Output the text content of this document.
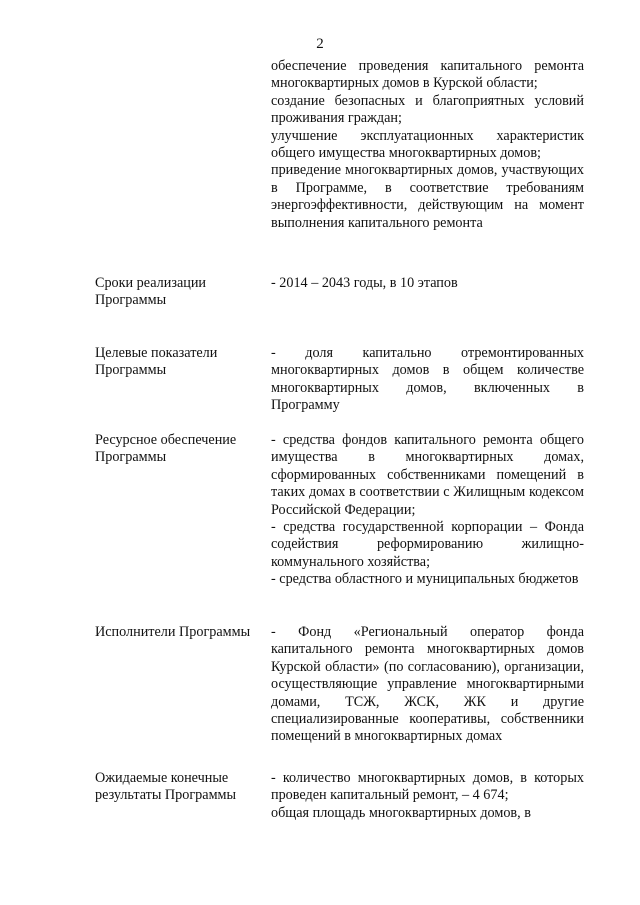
2
обеспечение проведения капитального ремонта многоквартирных домов в Курской области;
создание безопасных и благоприятных условий проживания граждан;
улучшение эксплуатационных характеристик общего имущества многоквартирных домов;
приведение многоквартирных домов, участвующих в Программе, в соответствие требованиям энергоэффективности, действующим на момент выполнения капитального ремонта
Сроки реализации Программы
- 2014 – 2043 годы, в 10 этапов
Целевые показатели Программы
- доля капитально отремонтированных многоквартирных домов в общем количестве многоквартирных домов, включенных в Программу
Ресурсное обеспечение Программы
- средства фондов капитального ремонта общего имущества в многоквартирных домах, сформированных собственниками помещений в таких домах в соответствии с Жилищным кодексом Российской Федерации;
- средства государственной корпорации – Фонда содействия реформированию жилищно-коммунального хозяйства;
- средства областного и муниципальных бюджетов
Исполнители Программы	- Фонд «Региональный оператор фонда капитального ремонта многоквартирных домов Курской области» (по согласованию), организации, осуществляющие управление многоквартирными домами, ТСЖ, ЖСК, ЖК и другие специализированные кооперативы, собственники помещений в многоквартирных домах
Ожидаемые конечные результаты Программы
- количество многоквартирных домов, в которых проведен капитальный ремонт, – 4 674;
общая площадь многоквартирных домов, в
